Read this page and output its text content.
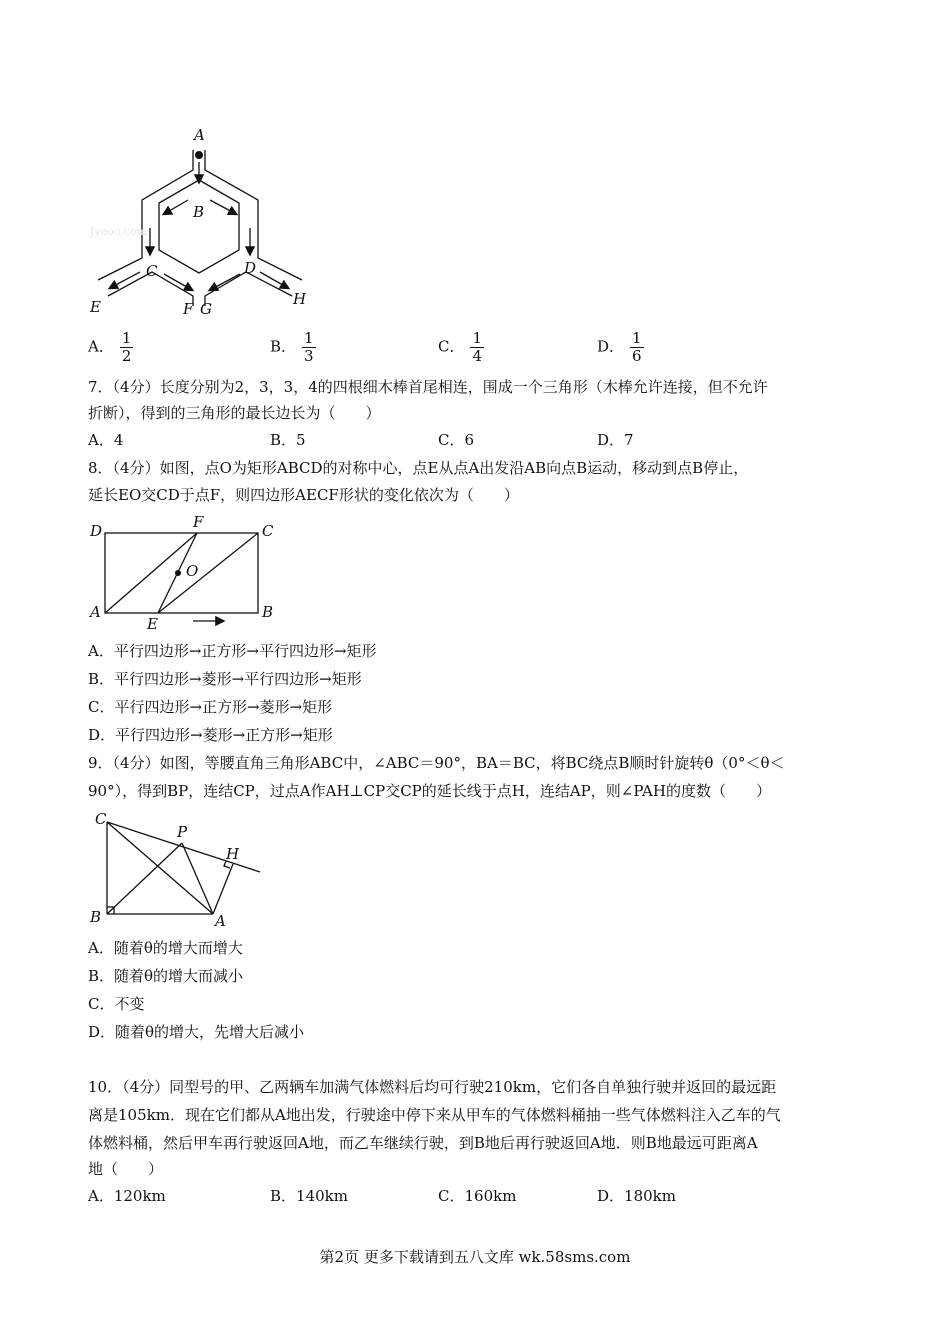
Jyeoo.com
A
B
C	D
E	F G
H
A． $\frac{1}{2}$	B． $\frac{1}{3}$	C． $\frac{1}{4}$	D． $\frac{1}{6}$
7．（4分）长度分别为2，3，3，4的四根细木棒首尾相连，围成一个三角形（木棒允许连接，但不允许
折断），得到的三角形的最长边长为（　　）
A．4	B．5	C．6	D．7
8．（4分）如图，点O为矩形ABCD的对称中心，点E从点A出发沿AB向点B运动，移动到点B停止，
延长EO交CD于点F，则四边形AECF形状的变化依次为（　　）
D	F	C
O
A	B
E
A．平行四边形→正方形→平行四边形→矩形
B．平行四边形→菱形→平行四边形→矩形
C．平行四边形→正方形→菱形→矩形
D．平行四边形→菱形→正方形→矩形
9．（4分）如图，等腰直角三角形ABC中，∠ABC＝90°，BA＝BC，将BC绕点B顺时针旋转θ（0°＜θ＜
90°），得到BP，连结CP，过点A作AH⊥CP交CP的延长线于点H，连结AP，则∠PAH的度数（　　）
C
P
H
B	A
A．随着θ的增大而增大
B．随着θ的增大而减小
C．不变
D．随着θ的增大，先增大后减小
10．（4分）同型号的甲、乙两辆车加满气体燃料后均可行驶210km，它们各自单独行驶并返回的最远距
离是105km．现在它们都从A地出发，行驶途中停下来从甲车的气体燃料桶抽一些气体燃料注入乙车的气
体燃料桶，然后甲车再行驶返回A地，而乙车继续行驶，到B地后再行驶返回A地．则B地最远可距离A
地（　　）
A．120km	B．140km	C．160km	D．180km
第2页 更多下载请到五八文库 wk.58sms.com
